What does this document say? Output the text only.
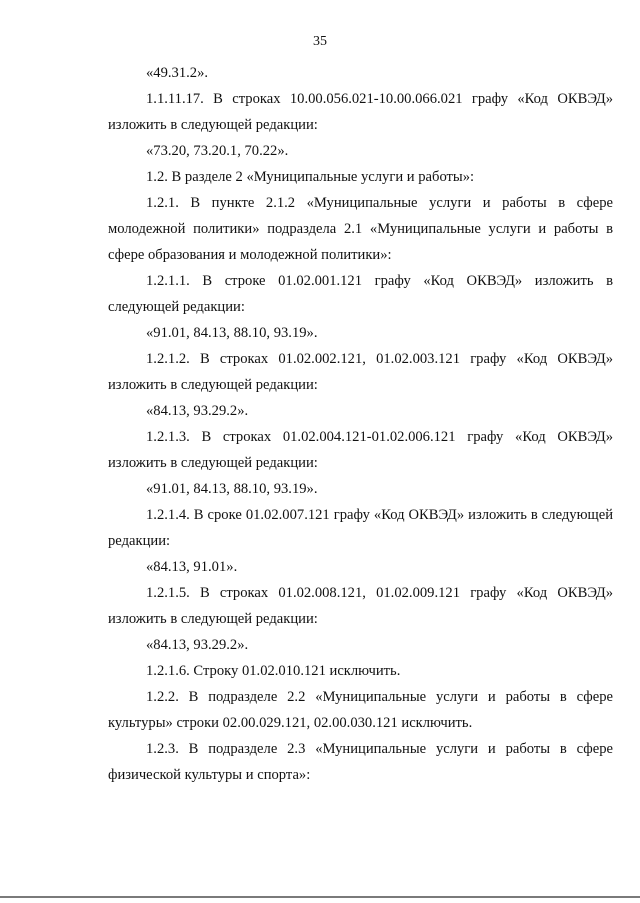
35

«49.31.2».

1.1.11.17. В строках 10.00.056.021-10.00.066.021 графу «Код ОКВЭД» изложить в следующей редакции:

«73.20, 73.20.1, 70.22».

1.2. В разделе 2 «Муниципальные услуги и работы»:

1.2.1. В пункте 2.1.2 «Муниципальные услуги и работы в сфере молодежной политики» подраздела 2.1 «Муниципальные услуги и работы в сфере образования и молодежной политики»:

1.2.1.1. В строке 01.02.001.121 графу «Код ОКВЭД» изложить в следующей редакции:

«91.01, 84.13, 88.10, 93.19».

1.2.1.2. В строках 01.02.002.121, 01.02.003.121 графу «Код ОКВЭД» изложить в следующей редакции:

«84.13, 93.29.2».

1.2.1.3. В строках 01.02.004.121-01.02.006.121 графу «Код ОКВЭД» изложить в следующей редакции:

«91.01, 84.13, 88.10, 93.19».

1.2.1.4. В сроке 01.02.007.121 графу «Код ОКВЭД» изложить в следующей редакции:

«84.13, 91.01».

1.2.1.5. В строках 01.02.008.121, 01.02.009.121 графу «Код ОКВЭД» изложить в следующей редакции:

«84.13, 93.29.2».

1.2.1.6. Строку 01.02.010.121 исключить.

1.2.2. В подразделе 2.2 «Муниципальные услуги и работы в сфере культуры» строки 02.00.029.121, 02.00.030.121 исключить.

1.2.3. В подразделе 2.3 «Муниципальные услуги и работы в сфере физической культуры и спорта»:
